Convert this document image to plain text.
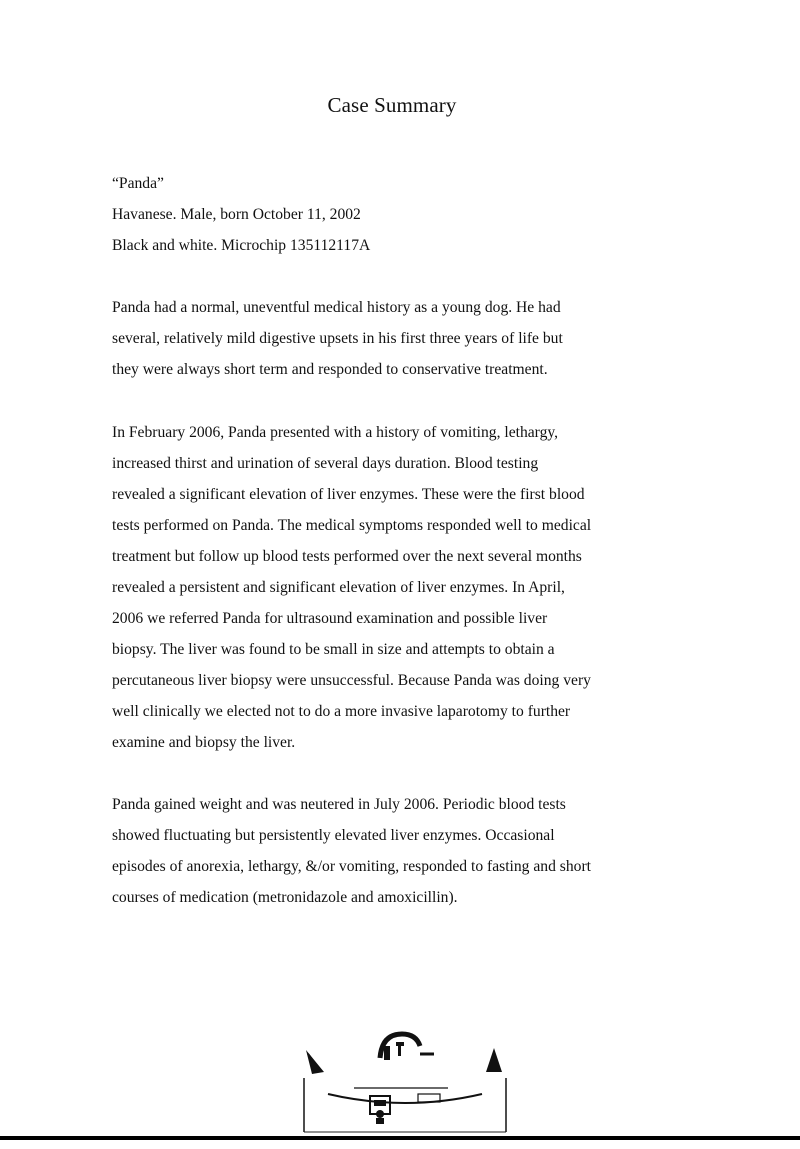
Case Summary
“Panda”
Havanese. Male, born October 11, 2002
Black and white. Microchip 135112117A
Panda had a normal, uneventful medical history as a young dog. He had
several, relatively mild digestive upsets in his first three years of life but
they were always short term and responded to conservative treatment.
In February 2006, Panda presented with a history of vomiting, lethargy,
increased thirst and urination of several days duration. Blood testing
revealed a significant elevation of liver enzymes. These were the first blood
tests performed on Panda. The medical symptoms responded well to medical
treatment but follow up blood tests performed over the next several months
revealed a persistent and significant elevation of liver enzymes. In April,
2006 we referred Panda for ultrasound examination and possible liver
biopsy. The liver was found to be small in size and attempts to obtain a
percutaneous liver biopsy were unsuccessful. Because Panda was doing very
well clinically we elected not to do a more invasive laparotomy to further
examine and biopsy the liver.
Panda gained weight and was neutered in July 2006. Periodic blood tests
showed fluctuating but persistently elevated liver enzymes. Occasional
episodes of anorexia, lethargy, &/or vomiting, responded to fasting and short
courses of medication (metronidazole and amoxicillin).
